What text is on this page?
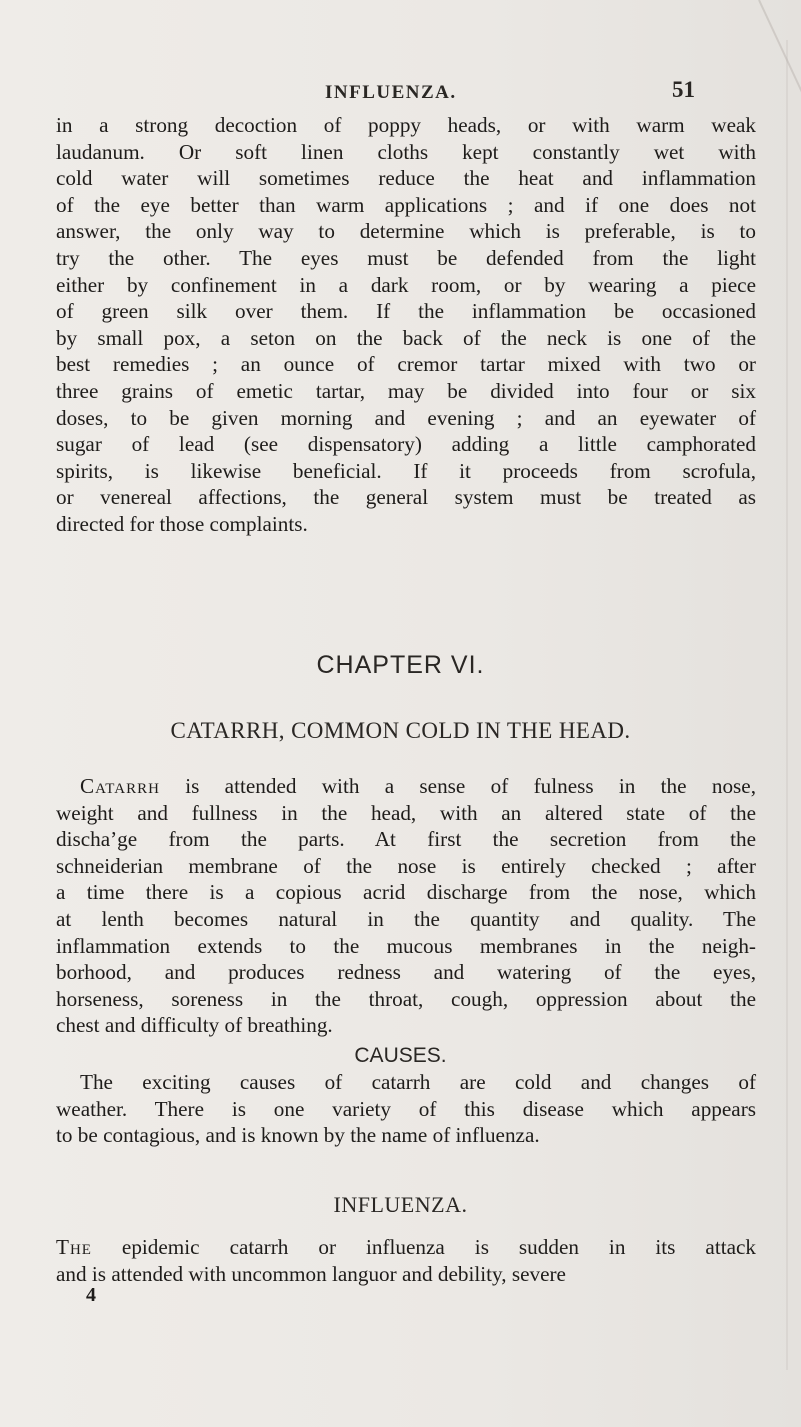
INFLUENZA.	51
in a strong decoction of poppy heads, or with warm weak
laudanum. Or soft linen cloths kept constantly wet with
cold water will sometimes reduce the heat and inflammation
of the eye better than warm applications ; and if one does not
answer, the only way to determine which is preferable, is to
try the other. The eyes must be defended from the light
either by confinement in a dark room, or by wearing a piece
of green silk over them. If the inflammation be occasioned
by small pox, a seton on the back of the neck is one of the
best remedies ; an ounce of cremor tartar mixed with two or
three grains of emetic tartar, may be divided into four or six
doses, to be given morning and evening ; and an eyewater of
sugar of lead (see dispensatory) adding a little camphorated
spirits, is likewise beneficial. If it proceeds from scrofula,
or venereal affections, the general system must be treated as
directed for those complaints.
CHAPTER VI.
CATARRH, COMMON COLD IN THE HEAD.
Catarrh is attended with a sense of fulness in the nose,
weight and fullness in the head, with an altered state of the
discha’ge from the parts. At first the secretion from the
schneiderian membrane of the nose is entirely checked ; after
a time there is a copious acrid discharge from the nose, which
at lenth becomes natural in the quantity and quality. The
inflammation extends to the mucous membranes in the neigh-
borhood, and produces redness and watering of the eyes,
horseness, soreness in the throat, cough, oppression about the
chest and difficulty of breathing.
CAUSES.
The exciting causes of catarrh are cold and changes of
weather. There is one variety of this disease which appears
to be contagious, and is known by the name of influenza.
INFLUENZA.
The epidemic catarrh or influenza is sudden in its attack
and is attended with uncommon languor and debility, severe
4
